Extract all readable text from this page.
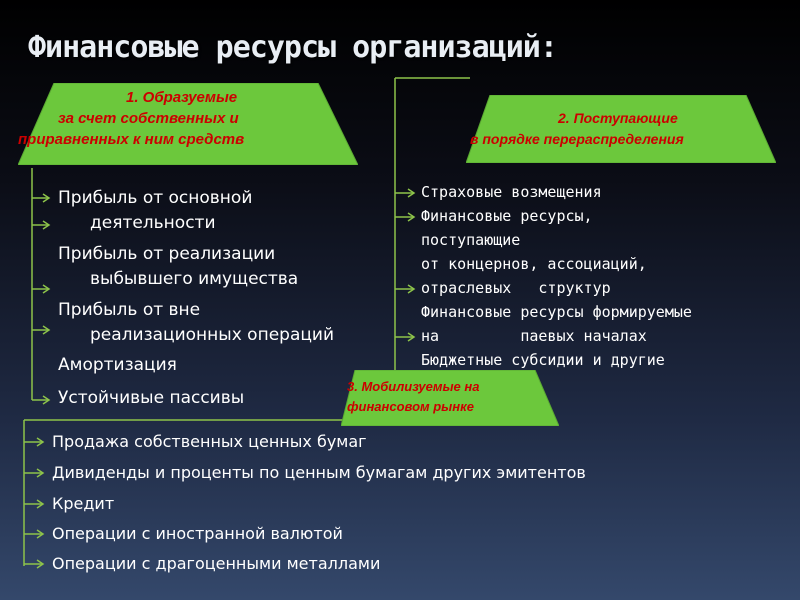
Финансовые ресурсы организаций:
1. Образуемые
за счет собственных и
приравненных к ним средств
2. Поступающие
в порядке перераспределения
3. Мобилизуемые на
финансовом рынке
Прибыль от основной
деятельности
Прибыль от реализации
выбывшего имущества
Прибыль от вне
реализационных операций
Амортизация
Устойчивые пассивы
Страховые возмещения
Финансовые ресурсы,
поступающие
от концернов, ассоциаций,
отраслевых   структур
Финансовые ресурсы формируемые
на         паевых началах
Бюджетные субсидии и другие
Продажа собственных ценных бумаг
Дивиденды и проценты по ценным бумагам других эмитентов
Кредит
Операции с иностранной валютой
Операции с драгоценными металлами
